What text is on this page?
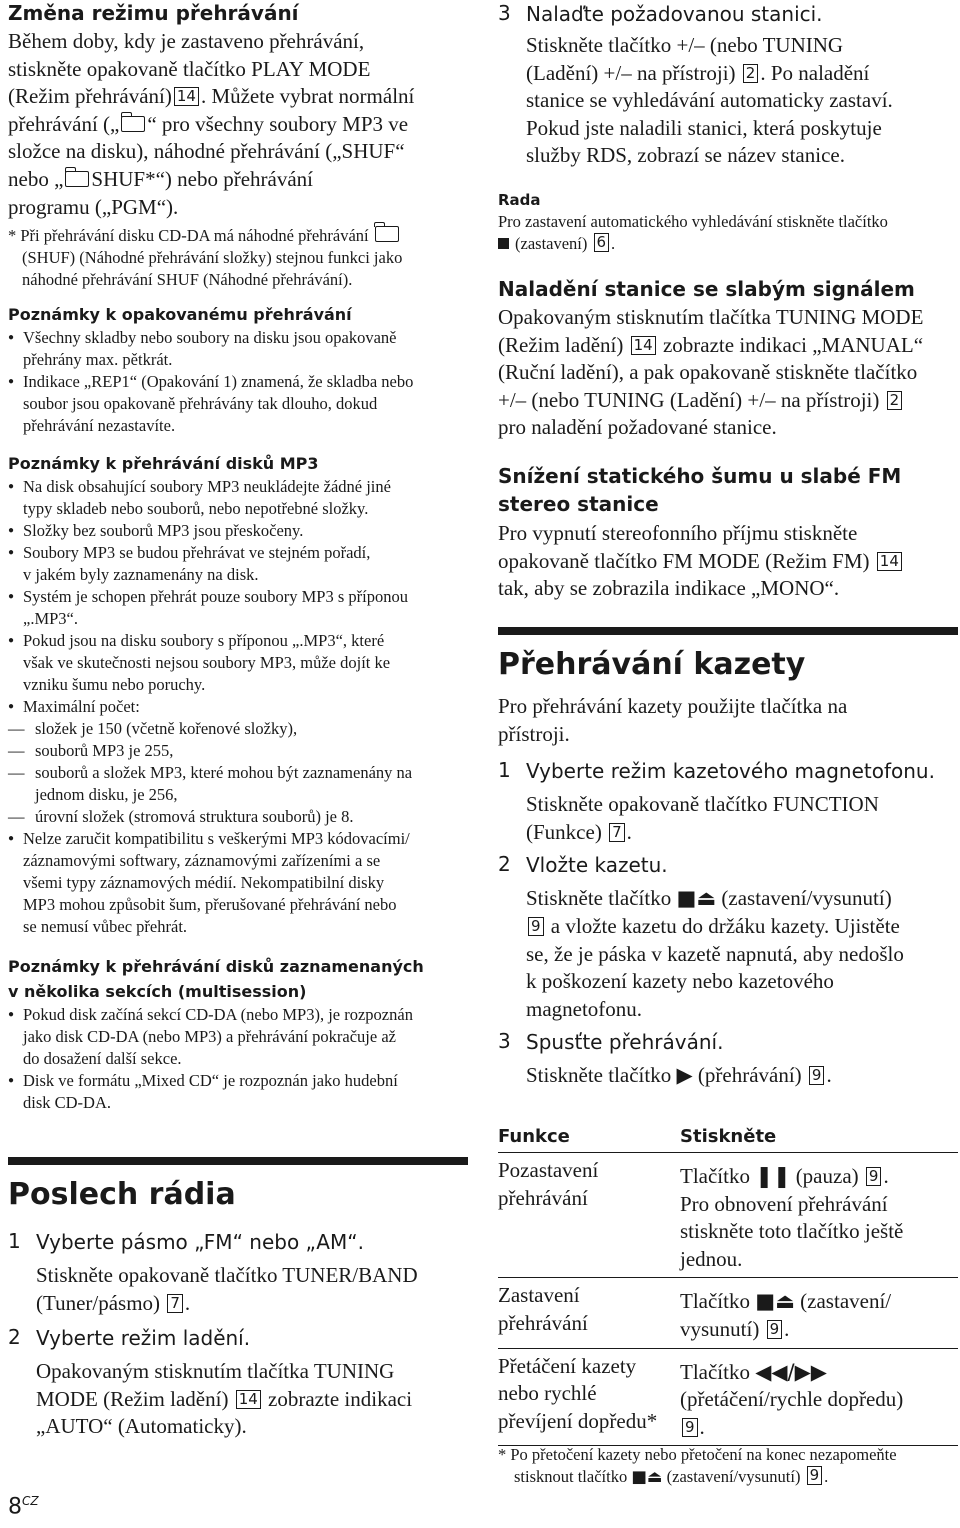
Změna režimu přehrávání
Během doby, kdy je zastaveno přehrávání,
stiskněte opakovaně tlačítko PLAY MODE
(Režim přehrávání) 14 . Můžete vybrat normální
přehrávání („ “ pro všechny soubory MP3 ve
složce na disku), náhodné přehrávání („SHUF“
nebo „ SHUF*“) nebo přehrávání
programu („PGM“).
* Při přehrávání disku CD-DA má náhodné přehrávání
(SHUF) (Náhodné přehrávání složky) stejnou funkci jako
náhodné přehrávání SHUF (Náhodné přehrávání).
Poznámky k opakovanému přehrávání
● Všechny skladby nebo soubory na disku jsou opakovaně
přehrány max. pětkrát.
● Indikace „REP1“ (Opakování 1) znamená, že skladba nebo
soubor jsou opakovaně přehrávány tak dlouho, dokud
přehrávání nezastavíte.
Poznámky k přehrávání disků MP3
● Na disk obsahující soubory MP3 neukládejte žádné jiné
typy skladeb nebo souborů, nebo nepotřebné složky.
● Složky bez souborů MP3 jsou přeskočeny.
● Soubory MP3 se budou přehrávat ve stejném pořadí,
v jakém byly zaznamenány na disk.
● Systém je schopen přehrát pouze soubory MP3 s příponou
„.MP3“.
● Pokud jsou na disku soubory s příponou „.MP3“, které
však ve skutečnosti nejsou soubory MP3, může dojít ke
vzniku šumu nebo poruchy.
● Maximální počet:
— složek je 150 (včetně kořenové složky),
— souborů MP3 je 255,
— souborů a složek MP3, které mohou být zaznamenány na
jednom disku, je 256,
— úrovní složek (stromová struktura souborů) je 8.
● Nelze zaručit kompatibilitu s veškerými MP3 kódovacími/
záznamovými softwary, záznamovými zařízeními a se
všemi typy záznamových médií. Nekompatibilní disky
MP3 mohou způsobit šum, přerušované přehrávání nebo
se nemusí vůbec přehrát.
Poznámky k přehrávání disků zaznamenaných
v několika sekcích (multisession)
● Pokud disk začíná sekcí CD-DA (nebo MP3), je rozpoznán
jako disk CD-DA (nebo MP3) a přehrávání pokračuje až
do dosažení další sekce.
● Disk ve formátu „Mixed CD“ je rozpoznán jako hudební
disk CD-DA.
Poslech rádia
1 Vyberte pásmo „FM“ nebo „AM“.
Stiskněte opakovaně tlačítko TUNER/BAND
(Tuner/pásmo) 7 .
2 Vyberte režim ladění.
Opakovaným stisknutím tlačítka TUNING
MODE (Režim ladění) 14 zobrazte indikaci
„AUTO“ (Automaticky).
$8^{CZ}$
3 Nalaďte požadovanou stanici.
Stiskněte tlačítko +/– (nebo TUNING
(Ladění) +/– na přístroji) 2 . Po naladění
stanice se vyhledávání automaticky zastaví.
Pokud jste naladili stanici, která poskytuje
služby RDS, zobrazí se název stanice.
Rada
Pro zastavení automatického vyhledávání stiskněte tlačítko
(zastavení) 6 .
Naladění stanice se slabým signálem
Opakovaným stisknutím tlačítka TUNING MODE
(Režim ladění) 14 zobrazte indikaci „MANUAL“
(Ruční ladění), a pak opakovaně stiskněte tlačítko
+/– (nebo TUNING (Ladění) +/– na přístroji) 2
pro naladění požadované stanice.
Snížení statického šumu u slabé FM
stereo stanice
Pro vypnutí stereofonního příjmu stiskněte
opakovaně tlačítko FM MODE (Režim FM) 14
tak, aby se zobrazila indikace „MONO“.
Přehrávání kazety
Pro přehrávání kazety použijte tlačítka na
přístroji.
1 Vyberte režim kazetového magnetofonu.
Stiskněte opakovaně tlačítko FUNCTION
(Funkce) 7 .
2 Vložte kazetu.
Stiskněte tlačítko ■⏏ (zastavení/vysunutí)
9 a vložte kazetu do držáku kazety. Ujistěte
se, že je páska v kazetě napnutá, aby nedošlo
k poškození kazety nebo kazetového
magnetofonu.
3 Spusťte přehrávání.
Stiskněte tlačítko ▶ (přehrávání) 9 .
Funkce	Stiskněte
Pozastavení
přehrávání
Tlačítko ❚❚ (pauza) 9 .
Pro obnovení přehrávání
stiskněte toto tlačítko ještě
jednou.
Zastavení
přehrávání
Tlačítko ■⏏ (zastavení/
vysunutí) 9 .
Přetáčení kazety
nebo rychlé
převíjení dopředu*
Tlačítko ◀◀/▶▶
(přetáčení/rychle dopředu)
9 .
* Po přetočení kazety nebo přetočení na konec nezapomeňte
stisknout tlačítko ■⏏ (zastavení/vysunutí) 9 .
